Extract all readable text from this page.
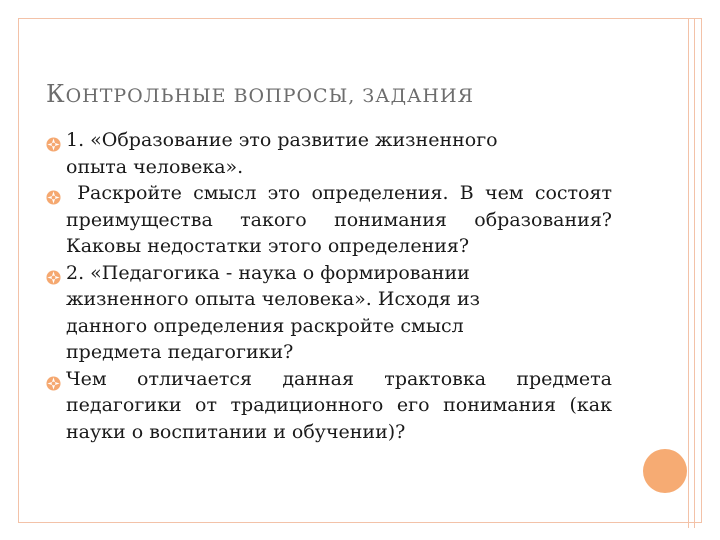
КОНТРОЛЬНЫЕ ВОПРОСЫ, ЗАДАНИЯ
1. «Образование это развитие жизненного опыта человека».
Раскройте смысл это определения. В чем состоят преимущества такого понимания образования? Каковы недостатки этого определения?
2. «Педагогика - наука о формировании жизненного опыта человека». Исходя из данного определения раскройте смысл предмета педагогики?
Чем отличается данная трактовка предмета педагогики от традиционного его понимания (как науки о воспитании и обучении)?
